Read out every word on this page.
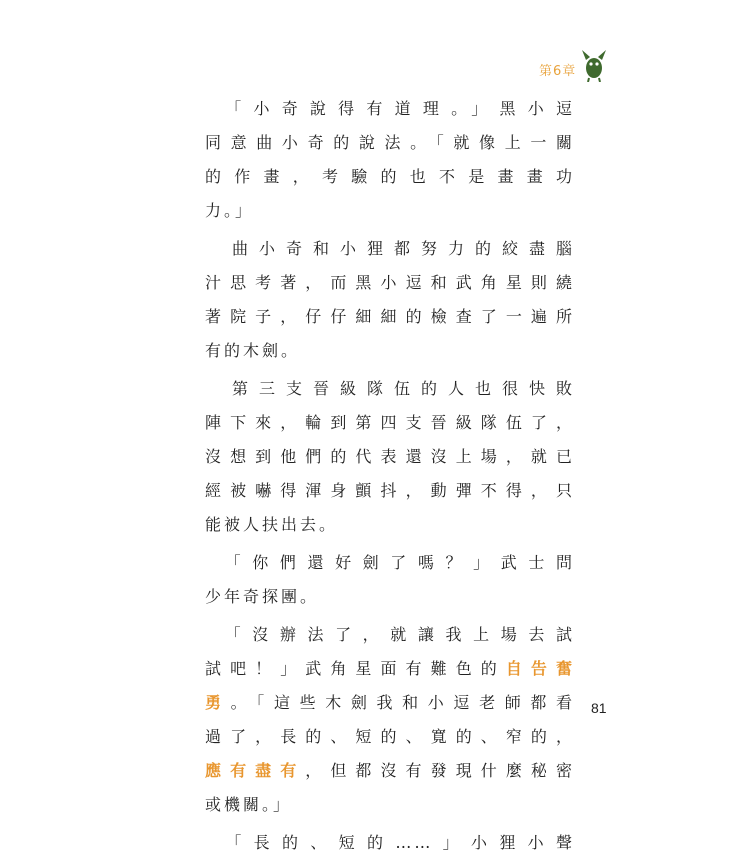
第6章
　「小奇說得有道理。」黑小逗
同意曲小奇的說法。「就像上一關
的作畫，考驗的也不是畫畫功
力。」
　曲小奇和小狸都努力的絞盡腦
汁思考著，而黑小逗和武角星則繞
著院子，仔仔細細的檢查了一遍所
有的木劍。
　第三支晉級隊伍的人也很快敗
陣下來，輪到第四支晉級隊伍了，
沒想到他們的代表還沒上場，就已
經被嚇得渾身顫抖，動彈不得，只
能被人扶出去。
　「你們還好劍了嗎？」武士問
少年奇探團。
　「沒辦法了，就讓我上場去試
試吧！」武角星面有難色的自告奮
勇。「這些木劍我和小逗老師都看
過了，長的、短的、寬的、窄的，
應有盡有，但都沒有發現什麼秘密
或機關。」
　「長的、短的……」小狸小聲
81
